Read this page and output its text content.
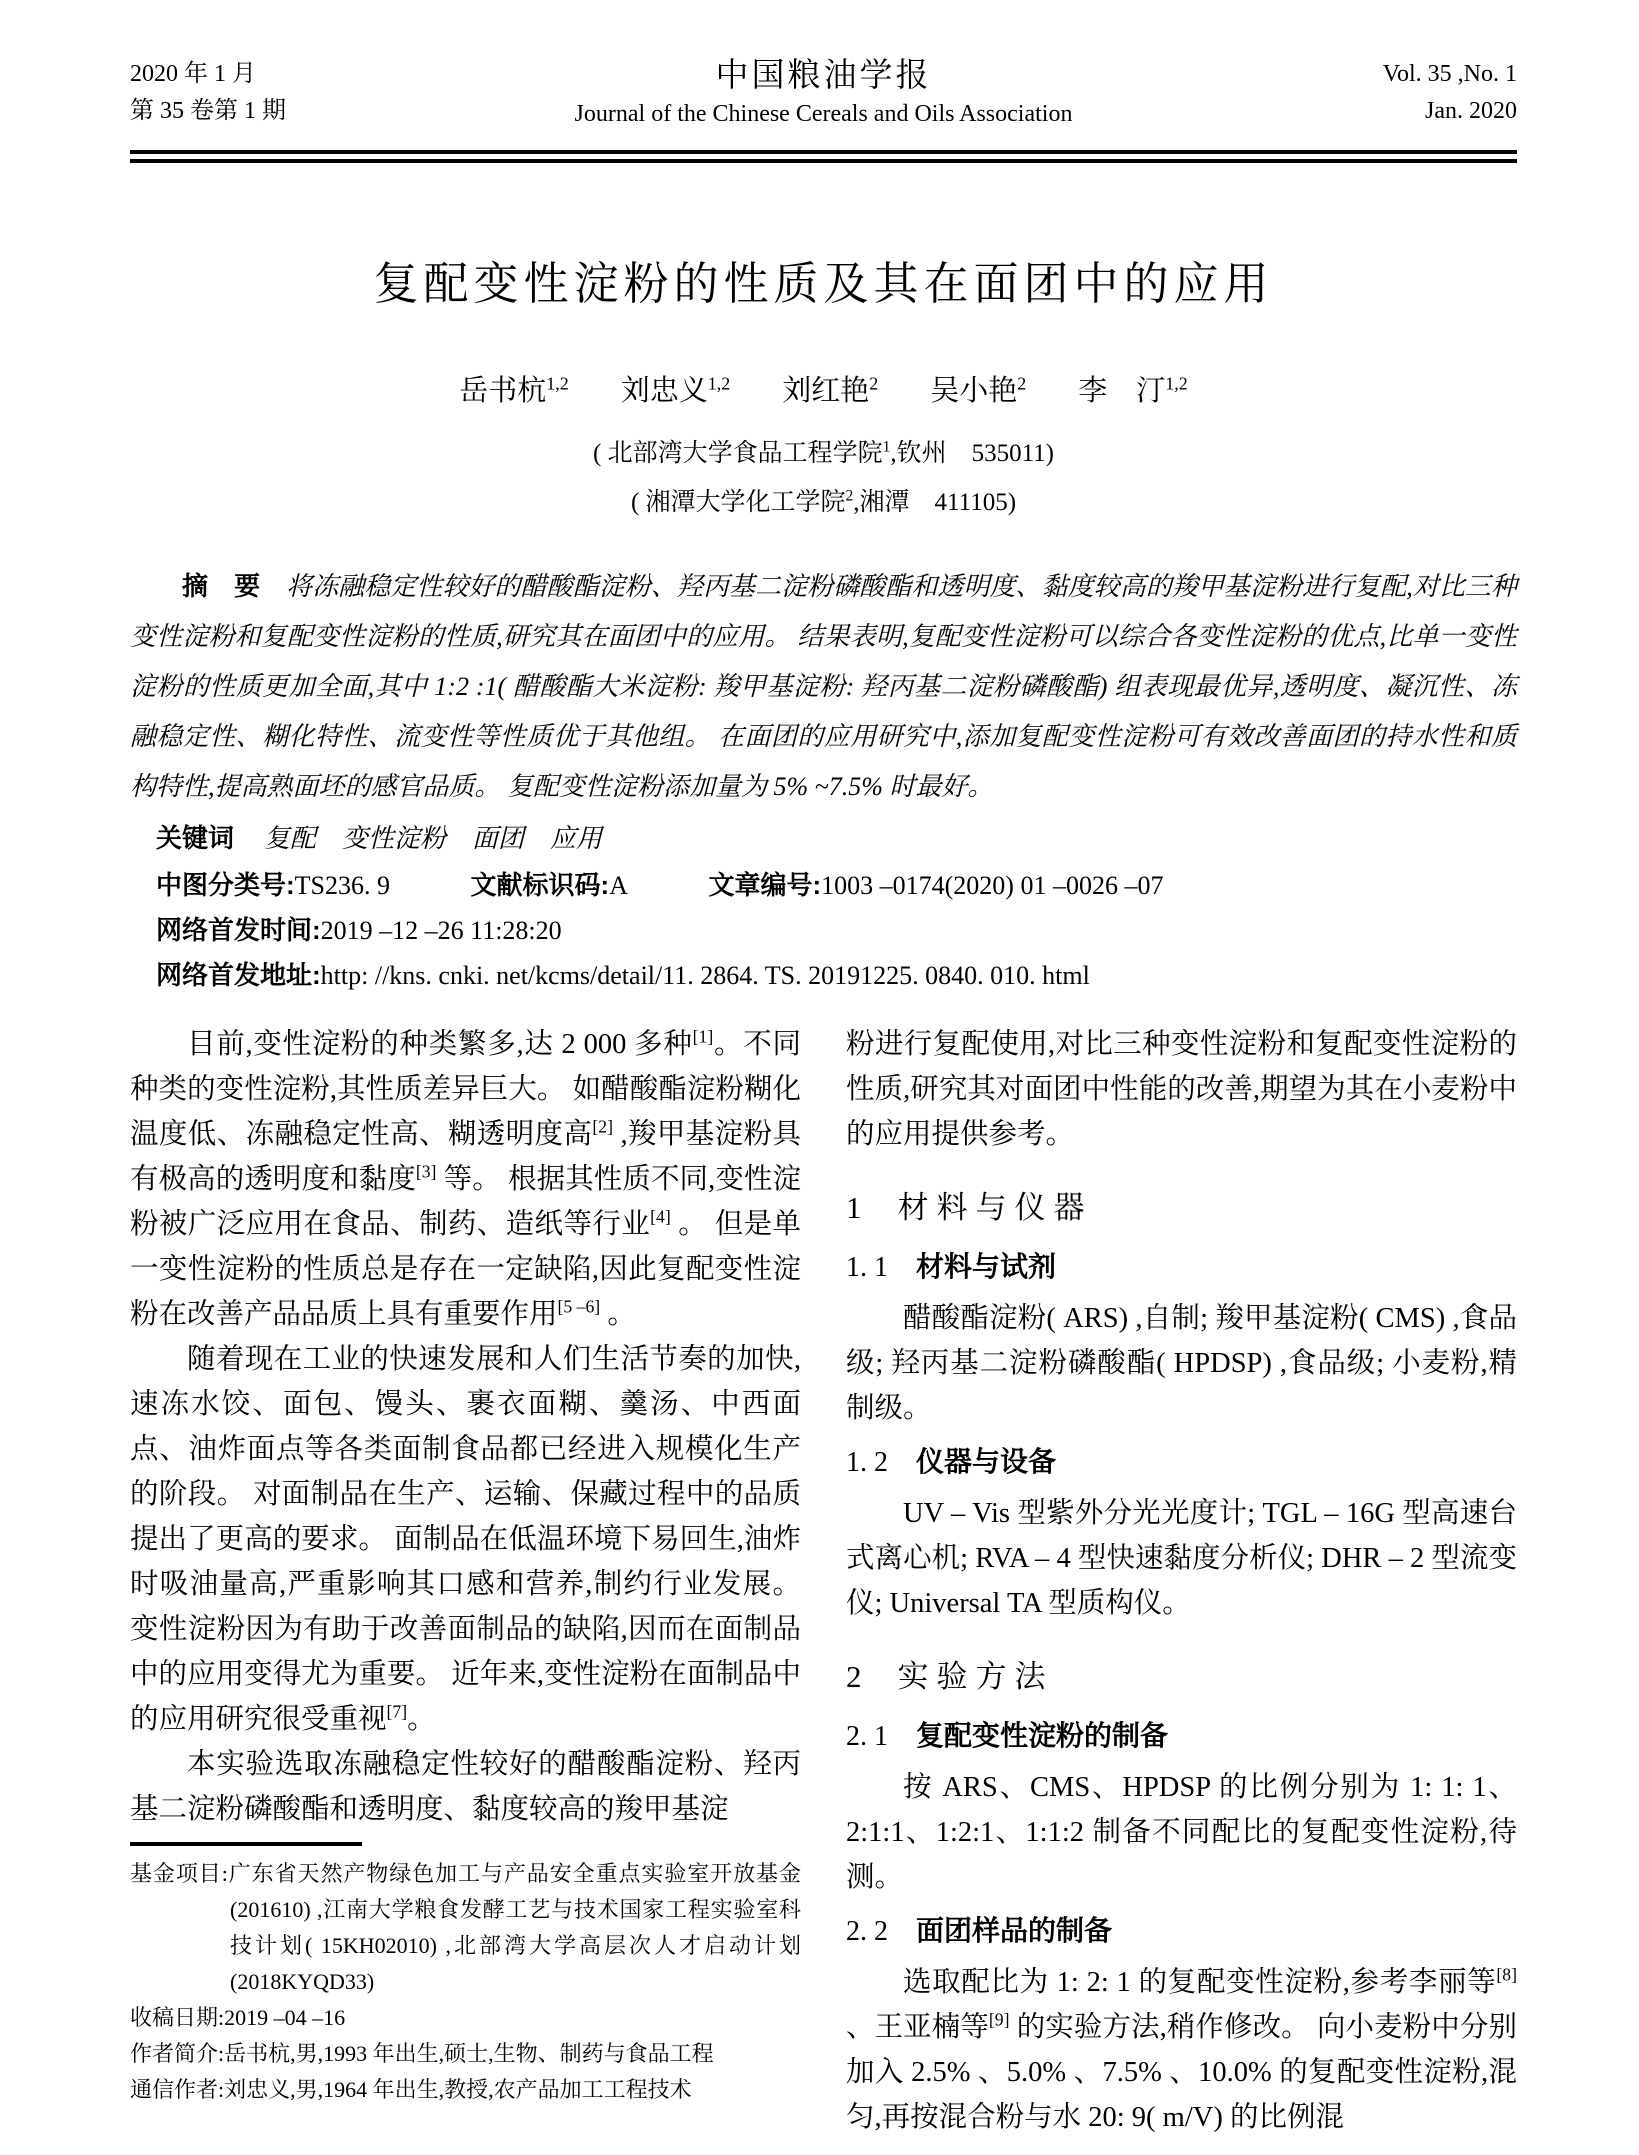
2020 年 1 月
第 35 卷第 1 期
中国粮油学报
Journal of the Chinese Cereals and Oils Association
Vol. 35 ,No. 1
Jan. 2020
复配变性淀粉的性质及其在面团中的应用
岳书杭$^{1,2}$ 刘忠义$^{1,2}$ 刘红艳$^2$ 吴小艳$^2$ 李　汀$^{1,2}$
( 北部湾大学食品工程学院$^1$,钦州　535011)
( 湘潭大学化工学院$^2$,湘潭　411105)
摘　要 将冻融稳定性较好的醋酸酯淀粉、羟丙基二淀粉磷酸酯和透明度、黏度较高的羧甲基淀粉进行复配,对比三种变性淀粉和复配变性淀粉的性质,研究其在面团中的应用。 结果表明,复配变性淀粉可以综合各变性淀粉的优点,比单一变性淀粉的性质更加全面,其中 1:2 :1( 醋酸酯大米淀粉: 羧甲基淀粉: 羟丙基二淀粉磷酸酯) 组表现最优异,透明度、凝沉性、冻融稳定性、糊化特性、流变性等性质优于其他组。 在面团的应用研究中,添加复配变性淀粉可有效改善面团的持水性和质构特性,提高熟面坯的感官品质。 复配变性淀粉添加量为 5% ~7.5% 时最好。
关键词 复配　变性淀粉　面团　应用
中图分类号:TS236. 9	文献标识码:A	文章编号:1003 –0174(2020) 01 –0026 –07
网络首发时间:2019 –12 –26 11:28:20
网络首发地址:http: //kns. cnki. net/kcms/detail/11. 2864. TS. 20191225. 0840. 010. html

目前,变性淀粉的种类繁多,达 2 000 多种[1]。不同种类的变性淀粉,其性质差异巨大。 如醋酸酯淀粉糊化温度低、冻融稳定性高、糊透明度高[2] ,羧甲基淀粉具有极高的透明度和黏度[3] 等。 根据其性质不同,变性淀粉被广泛应用在食品、制药、造纸等行业[4] 。 但是单一变性淀粉的性质总是存在一定缺陷,因此复配变性淀粉在改善产品品质上具有重要作用[5 –6] 。

随着现在工业的快速发展和人们生活节奏的加快,速冻水饺、面包、馒头、裹衣面糊、羹汤、中西面点、油炸面点等各类面制食品都已经进入规模化生产的阶段。 对面制品在生产、运输、保藏过程中的品质提出了更高的要求。 面制品在低温环境下易回生,油炸时吸油量高,严重影响其口感和营养,制约行业发展。 变性淀粉因为有助于改善面制品的缺陷,因而在面制品中的应用变得尤为重要。 近年来,变性淀粉在面制品中的应用研究很受重视[7]。

本实验选取冻融稳定性较好的醋酸酯淀粉、羟丙基二淀粉磷酸酯和透明度、黏度较高的羧甲基淀

基金项目:广东省天然产物绿色加工与产品安全重点实验室开放基金(201610) ,江南大学粮食发酵工艺与技术国家工程实验室科技计划( 15KH02010) ,北部湾大学高层次人才启动计划(2018KYQD33)

收稿日期:2019 –04 –16

作者简介:岳书杭,男,1993 年出生,硕士,生物、制药与食品工程

通信作者:刘忠义,男,1964 年出生,教授,农产品加工工程技术

粉进行复配使用,对比三种变性淀粉和复配变性淀粉的性质,研究其对面团中性能的改善,期望为其在小麦粉中的应用提供参考。

1 材料与仪器
1. 1 材料与试剂

醋酸酯淀粉( ARS) ,自制; 羧甲基淀粉( CMS) ,食品级; 羟丙基二淀粉磷酸酯( HPDSP) ,食品级; 小麦粉,精制级。

1. 2 仪器与设备

UV – Vis 型紫外分光光度计; TGL – 16G 型高速台式离心机; RVA – 4 型快速黏度分析仪; DHR – 2 型流变仪; Universal TA 型质构仪。

2 实验方法
2. 1 复配变性淀粉的制备

按 ARS、CMS、HPDSP 的比例分别为 1: 1: 1、2:1:1、1:2:1、1:1:2 制备不同配比的复配变性淀粉,待测。

2. 2 面团样品的制备

选取配比为 1: 2: 1 的复配变性淀粉,参考李丽等[8] 、王亚楠等[9] 的实验方法,稍作修改。 向小麦粉中分别加入 2.5% 、5.0% 、7.5% 、10.0% 的复配变性淀粉,混匀,再按混合粉与水 20: 9( m/V) 的比例混
